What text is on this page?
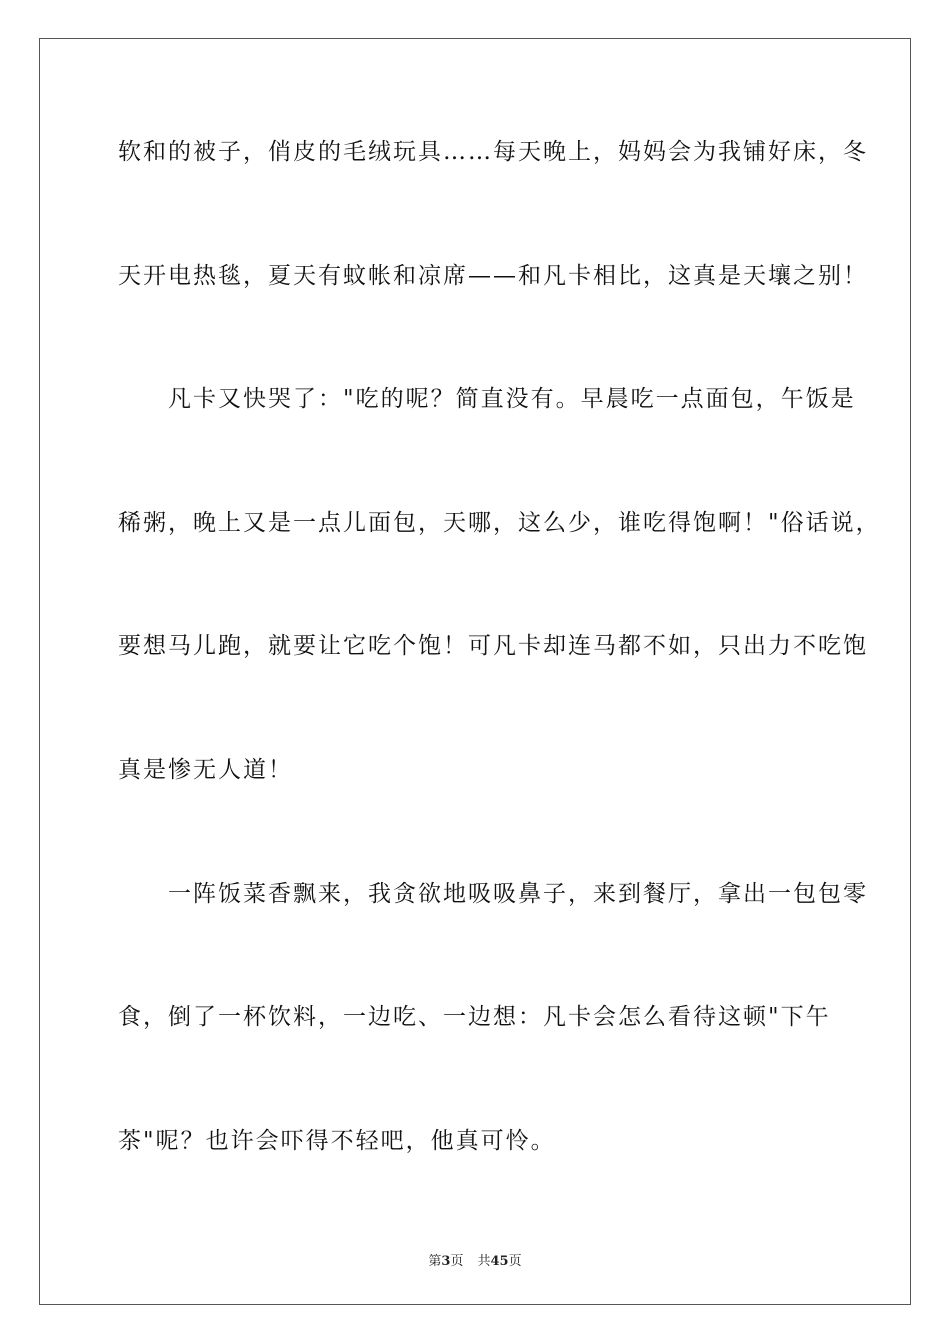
软和的被子，俏皮的毛绒玩具……每天晚上，妈妈会为我铺好床，冬
天开电热毯，夏天有蚊帐和凉席——和凡卡相比，这真是天壤之别！
　　凡卡又快哭了："吃的呢？简直没有。早晨吃一点面包，午饭是
稀粥，晚上又是一点儿面包，天哪，这么少，谁吃得饱啊！"俗话说，
要想马儿跑，就要让它吃个饱！可凡卡却连马都不如，只出力不吃饱
真是惨无人道！
　　一阵饭菜香飘来，我贪欲地吸吸鼻子，来到餐厅，拿出一包包零
食，倒了一杯饮料，一边吃、一边想：凡卡会怎么看待这顿"下午
茶"呢？也许会吓得不轻吧，他真可怜。
第3页 共45页
